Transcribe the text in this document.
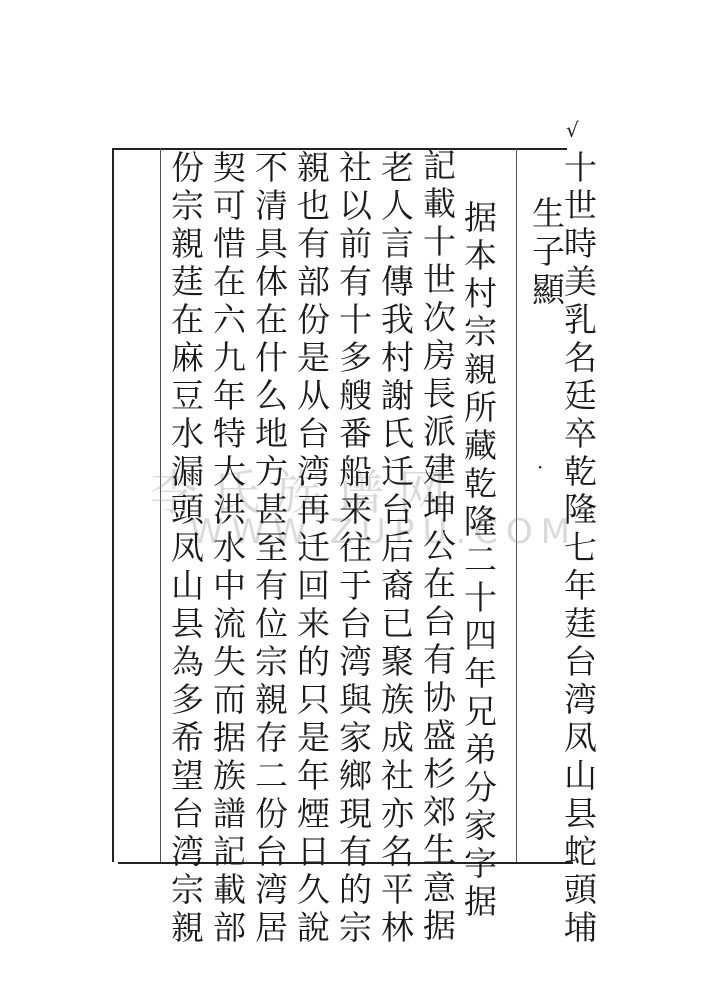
√
李氏族谱网
WWW.ZUPU.COM
十世時美乳名廷卒乾隆七年莛台湾凤山县蛇頭埔
生子顯
·
据本村宗親所藏乾隆二十四年兄弟分家字据
記載十世次房長派建坤公在台有协盛杉郊生意据
老人言傳我村謝氏迁台后裔已聚族成社亦名平林
社以前有十多艘番船来往于台湾與家鄉現有的宗
親也有部份是从台湾再迁回来的只是年煙日久說
不清具体在什么地方甚至有位宗親存二份台湾居
契可惜在六九年特大洪水中流失而据族譜記載部
份宗親莛在麻豆水漏頭凤山县為多希望台湾宗親
